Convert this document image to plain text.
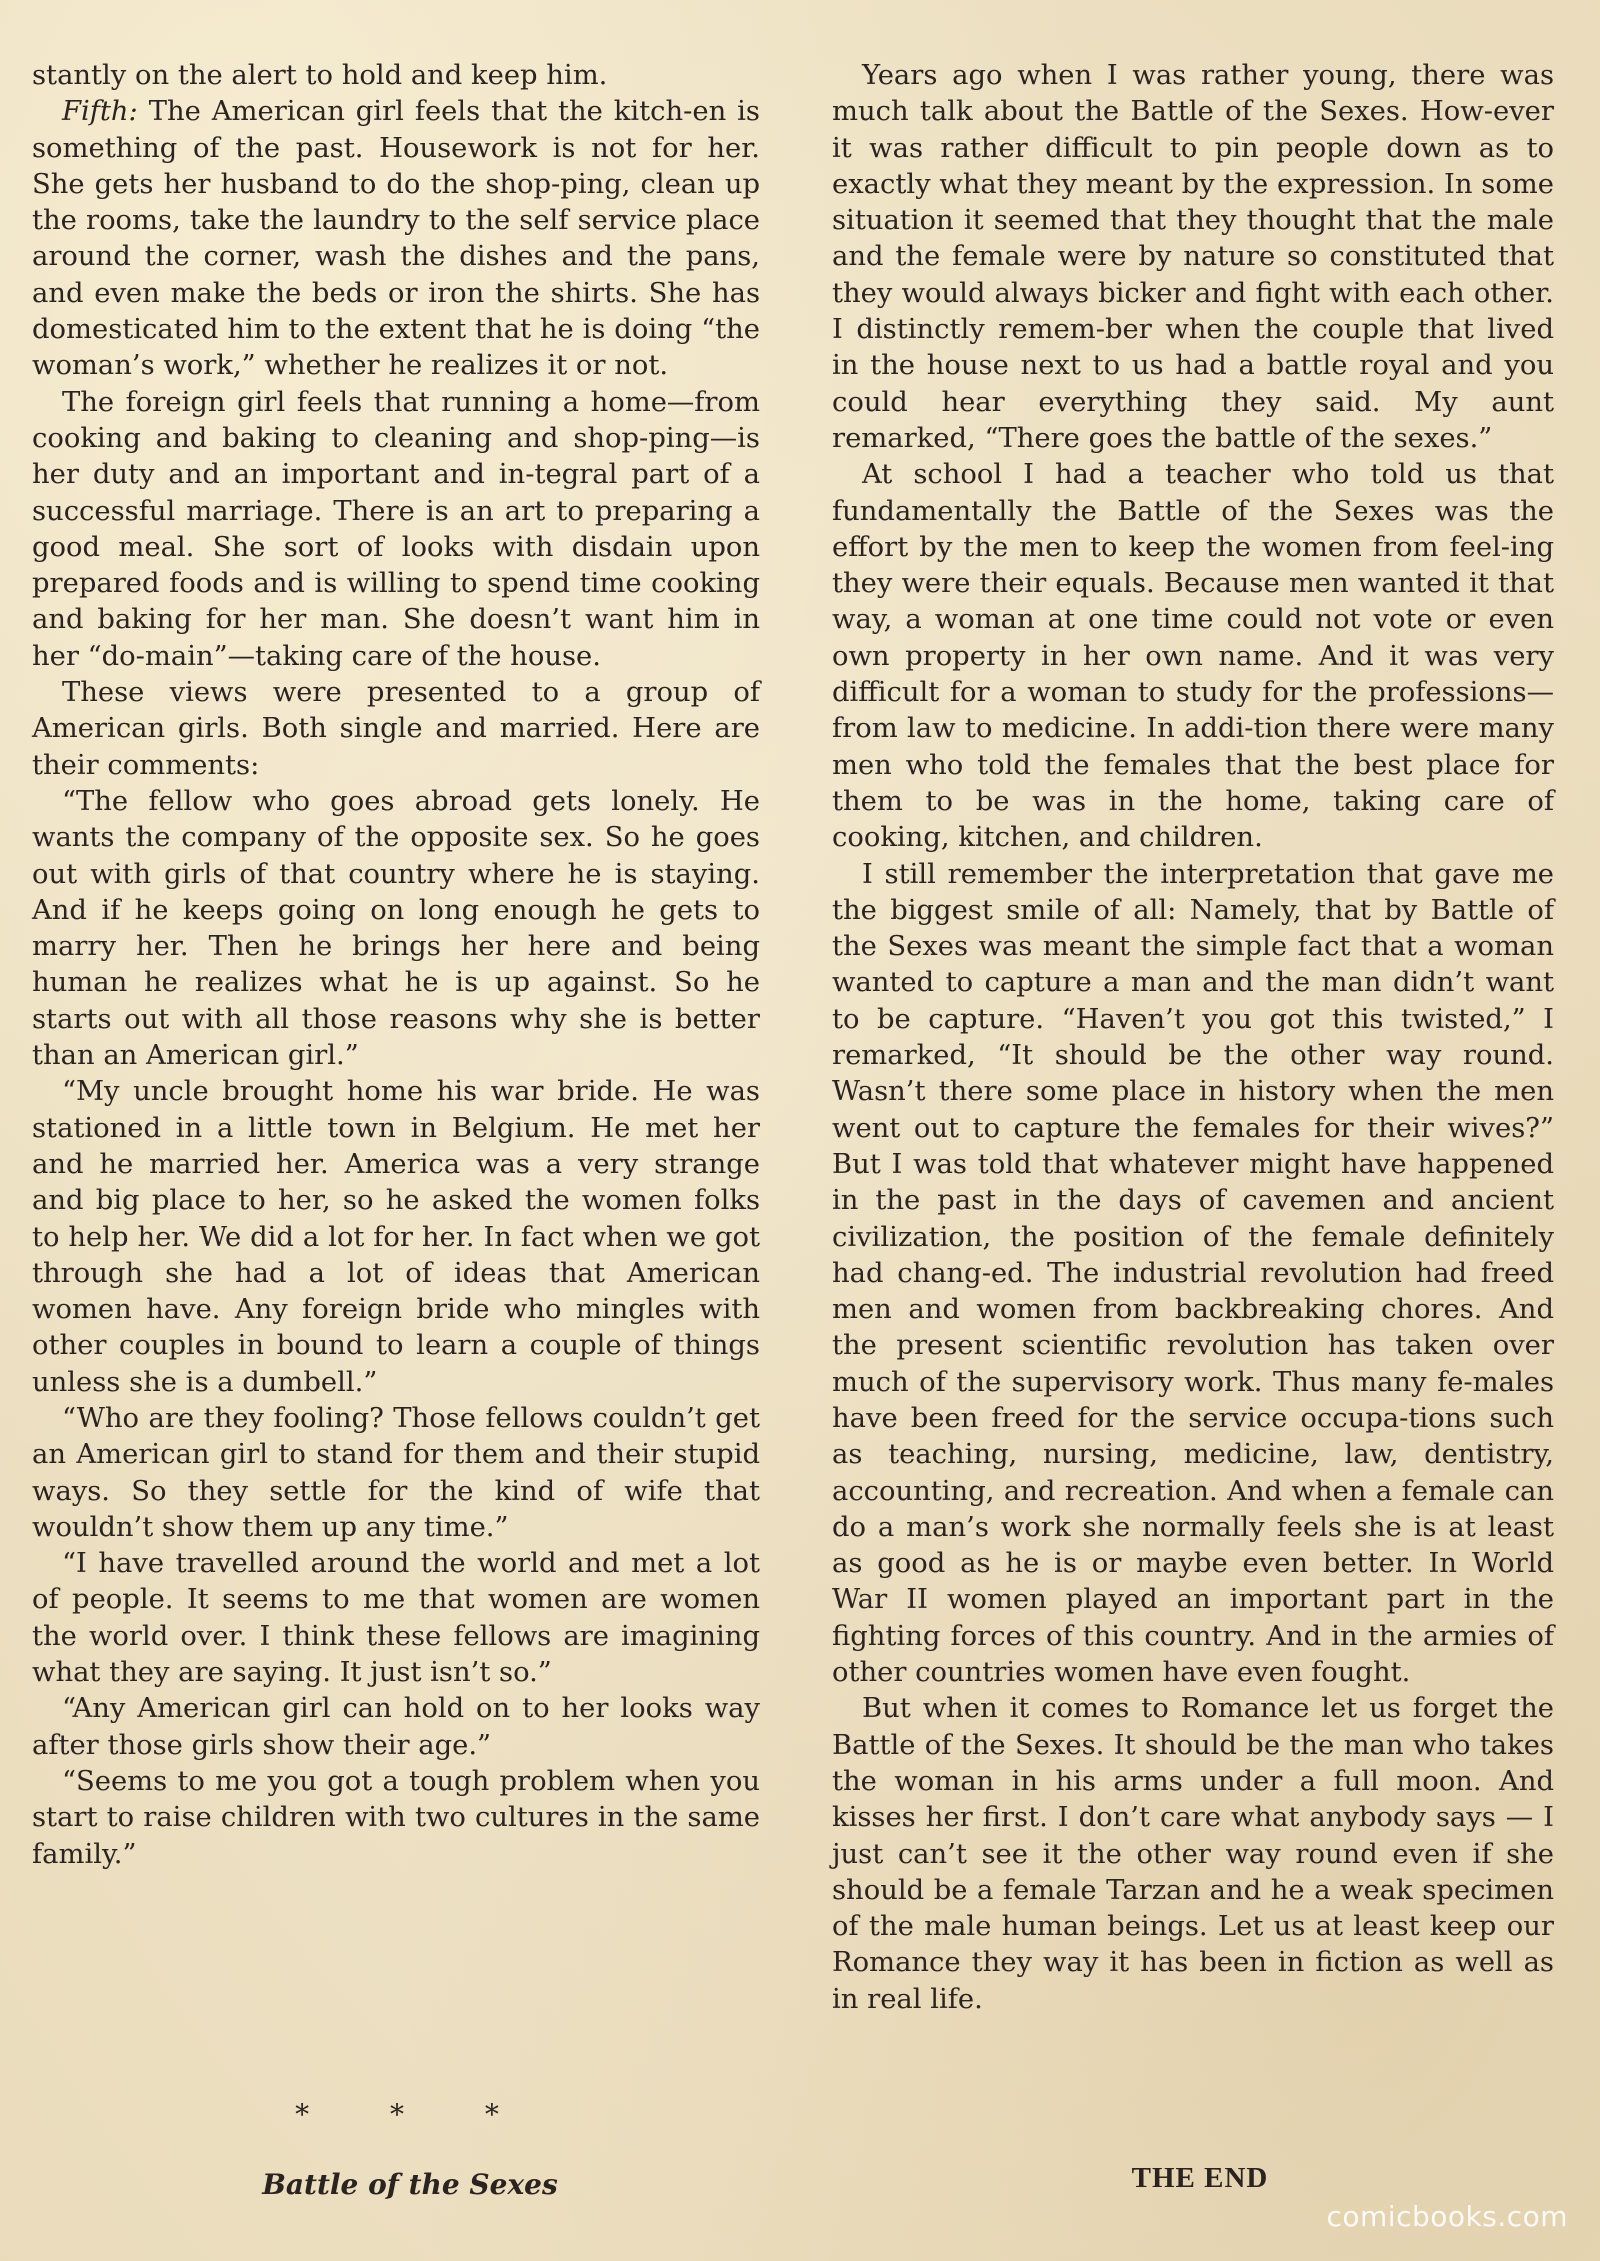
stantly on the alert to hold and keep him.

Fifth: The American girl feels that the kitch-en is something of the past. Housework is not for her. She gets her husband to do the shop-ping, clean up the rooms, take the laundry to the self service place around the corner, wash the dishes and the pans, and even make the beds or iron the shirts. She has domesticated him to the extent that he is doing “the woman’s work,” whether he realizes it or not.

The foreign girl feels that running a home—from cooking and baking to cleaning and shop-ping—is her duty and an important and in-tegral part of a successful marriage. There is an art to preparing a good meal. She sort of looks with disdain upon prepared foods and is willing to spend time cooking and baking for her man. She doesn’t want him in her “do-main”—taking care of the house.

These views were presented to a group of American girls. Both single and married. Here are their comments:

“The fellow who goes abroad gets lonely. He wants the company of the opposite sex. So he goes out with girls of that country where he is staying. And if he keeps going on long enough he gets to marry her. Then he brings her here and being human he realizes what he is up against. So he starts out with all those reasons why she is better than an American girl.”

“My uncle brought home his war bride. He was stationed in a little town in Belgium. He met her and he married her. America was a very strange and big place to her, so he asked the women folks to help her. We did a lot for her. In fact when we got through she had a lot of ideas that American women have. Any foreign bride who mingles with other couples in bound to learn a couple of things unless she is a dumbell.”

“Who are they fooling? Those fellows couldn’t get an American girl to stand for them and their stupid ways. So they settle for the kind of wife that wouldn’t show them up any time.”

“I have travelled around the world and met a lot of people. It seems to me that women are women the world over. I think these fellows are imagining what they are saying. It just isn’t so.”

“Any American girl can hold on to her looks way after those girls show their age.”

“Seems to me you got a tough problem when you start to raise children with two cultures in the same family.”

* * *
Battle of the Sexes

Years ago when I was rather young, there was much talk about the Battle of the Sexes. How-ever it was rather difficult to pin people down as to exactly what they meant by the expression. In some situation it seemed that they thought that the male and the female were by nature so constituted that they would always bicker and fight with each other. I distinctly remem-ber when the couple that lived in the house next to us had a battle royal and you could hear everything they said. My aunt remarked, “There goes the battle of the sexes.”

At school I had a teacher who told us that fundamentally the Battle of the Sexes was the effort by the men to keep the women from feel-ing they were their equals. Because men wanted it that way, a woman at one time could not vote or even own property in her own name. And it was very difficult for a woman to study for the professions—from law to medicine. In addi-tion there were many men who told the females that the best place for them to be was in the home, taking care of cooking, kitchen, and children.

I still remember the interpretation that gave me the biggest smile of all: Namely, that by Battle of the Sexes was meant the simple fact that a woman wanted to capture a man and the man didn’t want to be capture. “Haven’t you got this twisted,” I remarked, “It should be the other way round. Wasn’t there some place in history when the men went out to capture the females for their wives?” But I was told that whatever might have happened in the past in the days of cavemen and ancient civilization, the position of the female definitely had chang-ed. The industrial revolution had freed men and women from backbreaking chores. And the present scientific revolution has taken over much of the supervisory work. Thus many fe-males have been freed for the service occupa-tions such as teaching, nursing, medicine, law, dentistry, accounting, and recreation. And when a female can do a man’s work she normally feels she is at least as good as he is or maybe even better. In World War II women played an important part in the fighting forces of this country. And in the armies of other countries women have even fought.

But when it comes to Romance let us forget the Battle of the Sexes. It should be the man who takes the woman in his arms under a full moon. And kisses her first. I don’t care what anybody says — I just can’t see it the other way round even if she should be a female Tarzan and he a weak specimen of the male human beings. Let us at least keep our Romance they way it has been in fiction as well as in real life.

THE END
comicbooks.com
